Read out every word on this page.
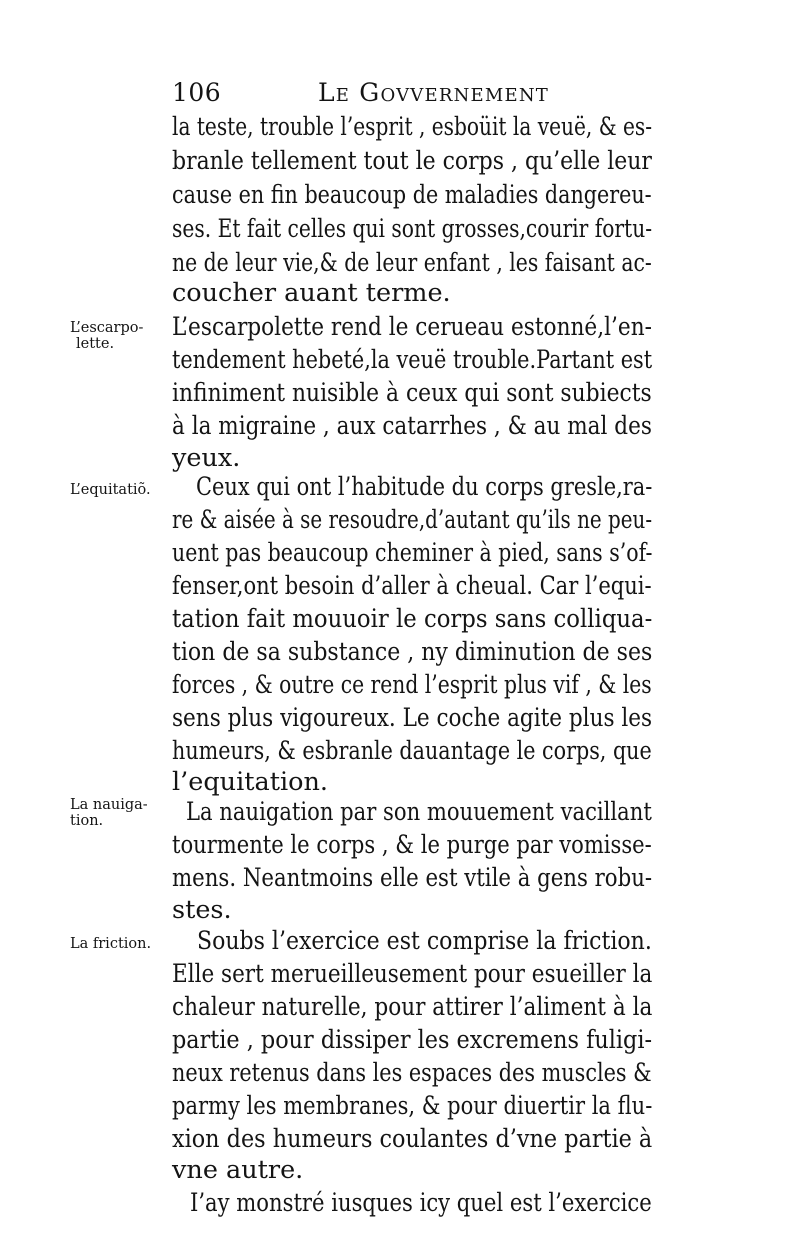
106	Le Govvernement
la teste, trouble l’esprit , esboüit la veuë, & es-
branle tellement tout le corps , qu’elle leur
cause en fin beaucoup de maladies dangereu-
ses. Et fait celles qui sont grosses,courir fortu-
ne de leur vie,& de leur enfant , les faisant ac-
coucher auant terme.
L’escarpolette rend le cerueau estonné,l’en-
tendement hebeté,la veuë trouble.Partant est
infiniment nuisible à ceux qui sont subiects
à la migraine , aux catarrhes , & au mal des
yeux.
Ceux qui ont l’habitude du corps gresle,ra-
re & aisée à se resoudre,d’autant qu’ils ne peu-
uent pas beaucoup cheminer à pied, sans s’of-
fenser,ont besoin d’aller à cheual. Car l’equi-
tation fait mouuoir le corps sans colliqua-
tion de sa substance , ny diminution de ses
forces , & outre ce rend l’esprit plus vif , & les
sens plus vigoureux. Le coche agite plus les
humeurs, & esbranle dauantage le corps, que
l’equitation.
La nauigation par son mouuement vacillant
tourmente le corps , & le purge par vomisse-
mens. Neantmoins elle est vtile à gens robu-
stes.
Soubs l’exercice est comprise la friction.
Elle sert merueilleusement pour esueiller la
chaleur naturelle, pour attirer l’aliment à la
partie , pour dissiper les excremens fuligi-
neux retenus dans les espaces des muscles &
parmy les membranes, & pour diuertir la flu-
xion des humeurs coulantes d’vne partie à
vne autre.
I’ay monstré iusques icy quel est l’exercice
L’escarpo-
lette.
L’equitatiõ.
La nauiga-
tion.
La friction.
